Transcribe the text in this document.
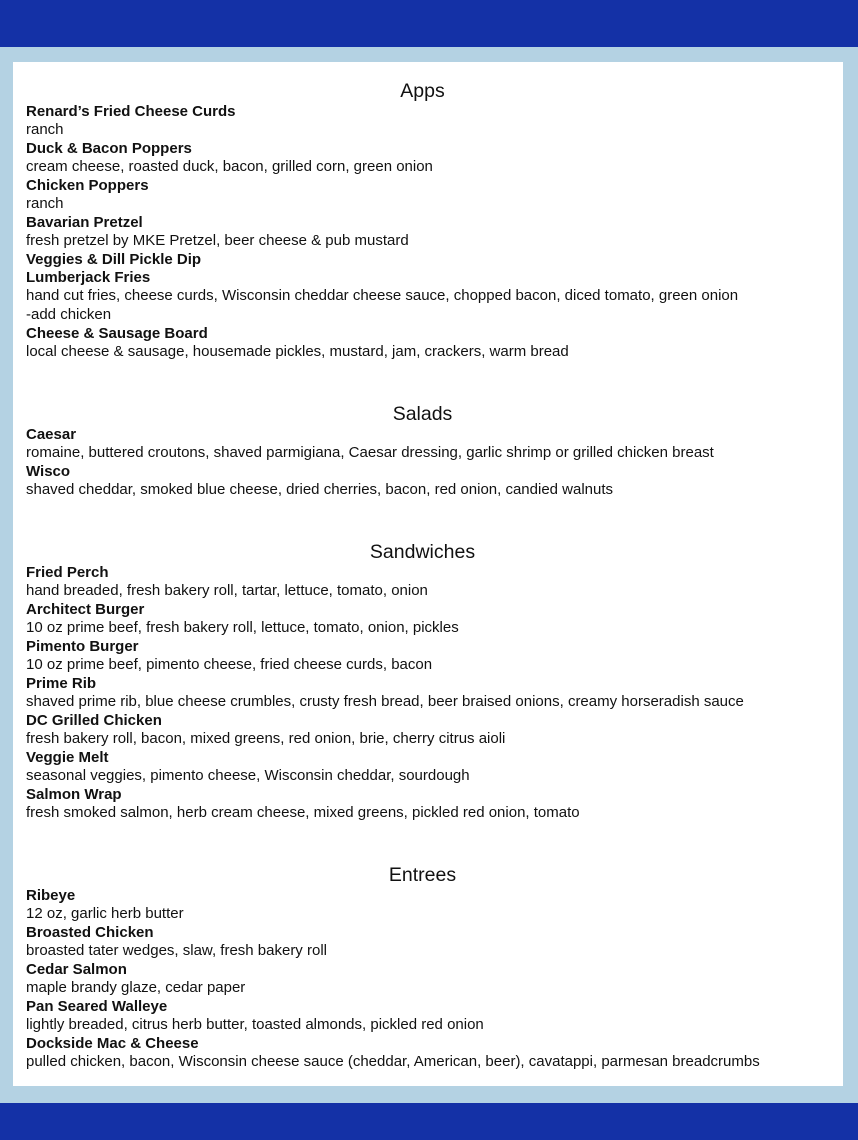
Apps
Renard’s Fried Cheese Curds
ranch
Duck & Bacon Poppers
cream cheese, roasted duck, bacon, grilled corn, green onion
Chicken Poppers
ranch
Bavarian Pretzel
fresh pretzel by MKE Pretzel, beer cheese & pub mustard
Veggies & Dill Pickle Dip
Lumberjack Fries
hand cut fries, cheese curds, Wisconsin cheddar cheese sauce, chopped bacon, diced tomato, green onion
-add chicken
Cheese & Sausage Board
local cheese & sausage, housemade pickles, mustard, jam, crackers, warm bread
Salads
Caesar
romaine, buttered croutons, shaved parmigiana, Caesar dressing, garlic shrimp or grilled chicken breast
Wisco
shaved cheddar, smoked blue cheese, dried cherries, bacon, red onion, candied walnuts
Sandwiches
Fried Perch
hand breaded, fresh bakery roll, tartar, lettuce, tomato, onion
Architect Burger
10 oz prime beef, fresh bakery roll, lettuce, tomato, onion, pickles
Pimento Burger
10 oz prime beef, pimento cheese, fried cheese curds, bacon
Prime Rib
shaved prime rib, blue cheese crumbles, crusty fresh bread, beer braised onions, creamy horseradish sauce
DC Grilled Chicken
fresh bakery roll, bacon, mixed greens, red onion, brie, cherry citrus aioli
Veggie Melt
seasonal veggies, pimento cheese, Wisconsin cheddar, sourdough
Salmon Wrap
fresh smoked salmon, herb cream cheese, mixed greens, pickled red onion, tomato
Entrees
Ribeye
12 oz, garlic herb butter
Broasted Chicken
broasted tater wedges, slaw, fresh bakery roll
Cedar Salmon
maple brandy glaze, cedar paper
Pan Seared Walleye
lightly breaded, citrus herb butter, toasted almonds, pickled red onion
Dockside Mac & Cheese
pulled chicken, bacon, Wisconsin cheese sauce (cheddar, American, beer), cavatappi, parmesan breadcrumbs
